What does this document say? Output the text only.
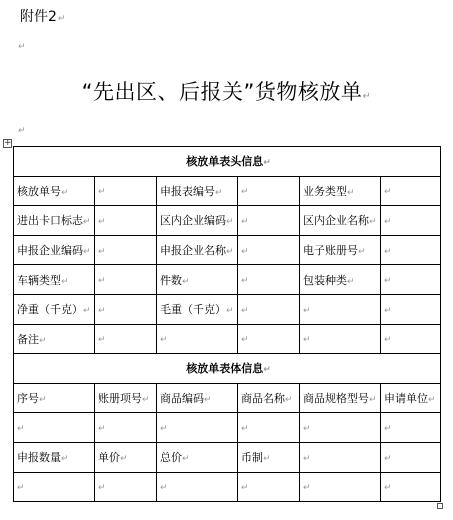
附件2↵
↵
“先出区、后报关”货物核放单↵
↵
+
核放单表头信息↵					
核放单号↵	↵	申报表编号↵	↵	业务类型↵	↵
进出卡口标志↵	↵	区内企业编码↵	↵	区内企业名称↵	↵
申报企业编码↵	↵	申报企业名称↵	↵	电子账册号↵	↵
车辆类型↵	↵	件数↵	↵	包装种类↵	↵
净重（千克）↵	↵	毛重（千克）↵	↵	↵	↵
备注↵	↵	↵	↵	↵	↵
核放单表体信息↵					
序号↵	账册项号↵	商品编码↵	商品名称↵	商品规格型号↵	申请单位↵
↵	↵	↵	↵	↵	↵
申报数量↵	单价↵	总价↵	币制↵	↵	↵
↵	↵	↵	↵	↵	↵
